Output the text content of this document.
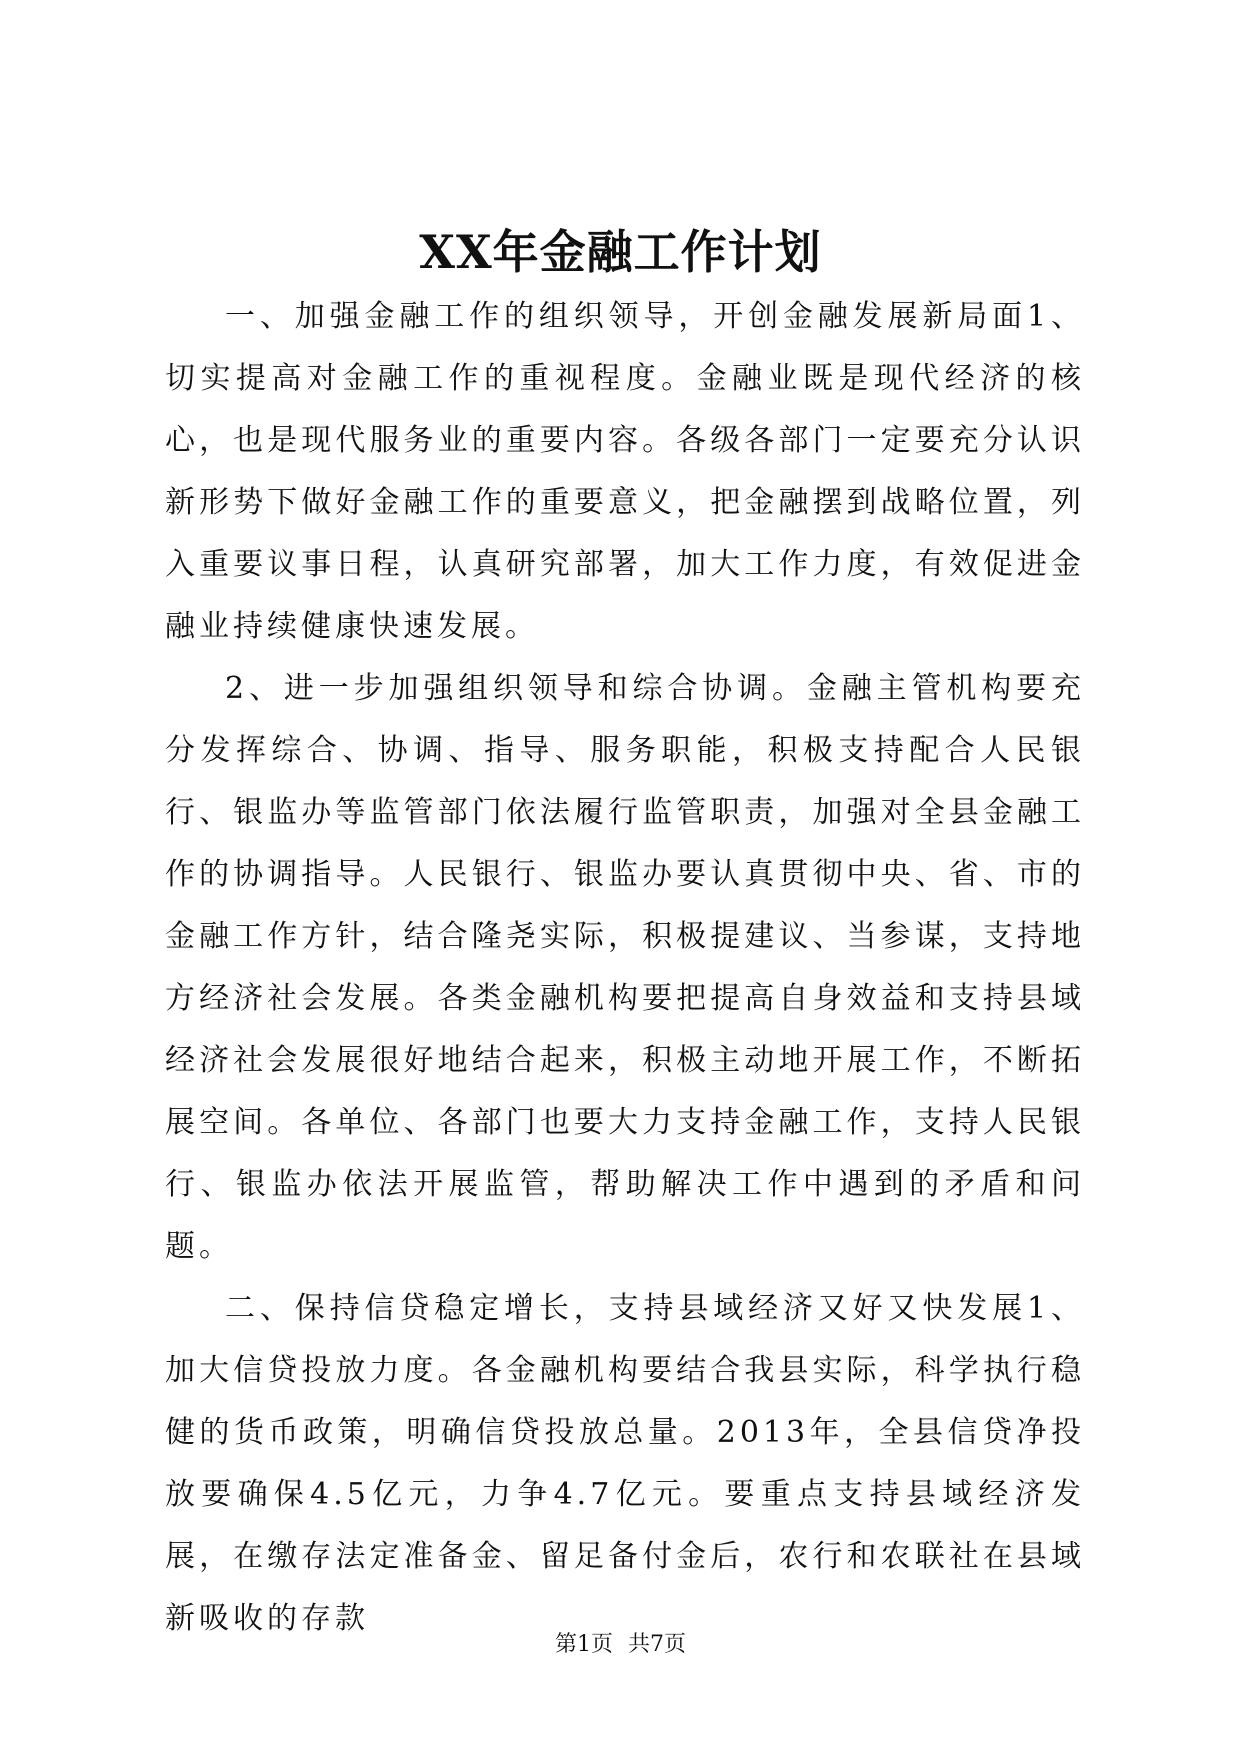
XX年金融工作计划

一、加强金融工作的组织领导，开创金融发展新局面1、切实提高对金融工作的重视程度。金融业既是现代经济的核心，也是现代服务业的重要内容。各级各部门一定要充分认识新形势下做好金融工作的重要意义，把金融摆到战略位置，列入重要议事日程，认真研究部署，加大工作力度，有效促进金融业持续健康快速发展。

2、进一步加强组织领导和综合协调。金融主管机构要充分发挥综合、协调、指导、服务职能，积极支持配合人民银行、银监办等监管部门依法履行监管职责，加强对全县金融工作的协调指导。人民银行、银监办要认真贯彻中央、省、市的金融工作方针，结合隆尧实际，积极提建议、当参谋，支持地方经济社会发展。各类金融机构要把提高自身效益和支持县域经济社会发展很好地结合起来，积极主动地开展工作，不断拓展空间。各单位、各部门也要大力支持金融工作，支持人民银行、银监办依法开展监管，帮助解决工作中遇到的矛盾和问题。

二、保持信贷稳定增长，支持县域经济又好又快发展1、加大信贷投放力度。各金融机构要结合我县实际，科学执行稳健的货币政策，明确信贷投放总量。2013年，全县信贷净投放要确保4.5亿元，力争4.7亿元。要重点支持县域经济发展，在缴存法定准备金、留足备付金后，农行和农联社在县域新吸收的存款

第1页 共7页
